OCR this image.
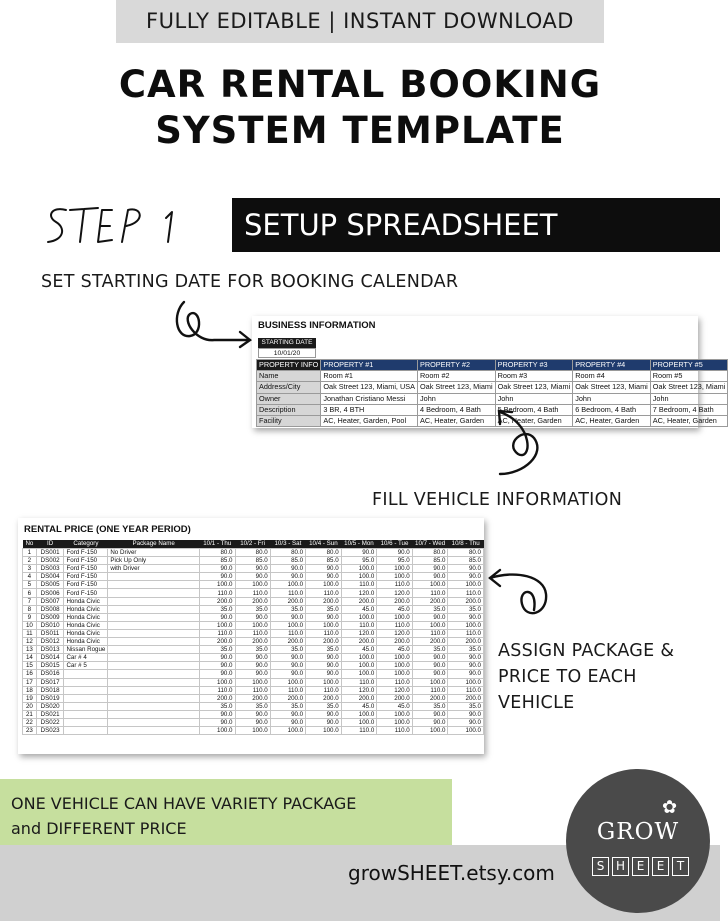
FULLY EDITABLE | INSTANT DOWNLOAD
CAR RENTAL BOOKING
SYSTEM TEMPLATE
SETUP SPREADSHEET
SET STARTING DATE FOR BOOKING CALENDAR
BUSINESS INFORMATION
STARTING DATE
10/01/20
PROPERTY INFO	PROPERTY #1	PROPERTY #2	PROPERTY #3	PROPERTY #4	PROPERTY #5
Name	Room #1	Room #2	Room #3	Room #4	Room #5
Address/City	Oak Street 123, Miami, USA	Oak Street 123, Miami	Oak Street 123, Miami	Oak Street 123, Miami	Oak Street 123, Miami
Owner	Jonathan Cristiano Messi	John	John	John	John
Description	3 BR, 4 BTH	4 Bedroom, 4 Bath	5 Bedroom, 4 Bath	6 Bedroom, 4 Bath	7 Bedroom, 4 Bath
Facility	AC, Heater, Garden, Pool	AC, Heater, Garden	AC, Heater, Garden	AC, Heater, Garden	AC, Heater, Garden
FILL VEHICLE INFORMATION
RENTAL PRICE (ONE YEAR PERIOD)
No	ID	Category	Package Name	10/1 - Thu	10/2 - Fri	10/3 - Sat	10/4 - Sun	10/5 - Mon	10/6 - Tue	10/7 - Wed	10/8 - Thu
1	DS001	Ford F-150	No Driver	80.0	80.0	80.0	80.0	90.0	90.0	80.0	80.0
2	DS002	Ford F-150	Pick Up Only	85.0	85.0	85.0	85.0	95.0	95.0	85.0	85.0
3	DS003	Ford F-150	with Driver	90.0	90.0	90.0	90.0	100.0	100.0	90.0	90.0
4	DS004	Ford F-150		90.0	90.0	90.0	90.0	100.0	100.0	90.0	90.0
5	DS005	Ford F-150		100.0	100.0	100.0	100.0	110.0	110.0	100.0	100.0
6	DS006	Ford F-150		110.0	110.0	110.0	110.0	120.0	120.0	110.0	110.0
7	DS007	Honda Civic		200.0	200.0	200.0	200.0	200.0	200.0	200.0	200.0
8	DS008	Honda Civic		35.0	35.0	35.0	35.0	45.0	45.0	35.0	35.0
9	DS009	Honda Civic		90.0	90.0	90.0	90.0	100.0	100.0	90.0	90.0
10	DS010	Honda Civic		100.0	100.0	100.0	100.0	110.0	110.0	100.0	100.0
11	DS011	Honda Civic		110.0	110.0	110.0	110.0	120.0	120.0	110.0	110.0
12	DS012	Honda Civic		200.0	200.0	200.0	200.0	200.0	200.0	200.0	200.0
13	DS013	Nissan Rogue		35.0	35.0	35.0	35.0	45.0	45.0	35.0	35.0
14	DS014	Car # 4		90.0	90.0	90.0	90.0	100.0	100.0	90.0	90.0
15	DS015	Car # 5		90.0	90.0	90.0	90.0	100.0	100.0	90.0	90.0
16	DS016			90.0	90.0	90.0	90.0	100.0	100.0	90.0	90.0
17	DS017			100.0	100.0	100.0	100.0	110.0	110.0	100.0	100.0
18	DS018			110.0	110.0	110.0	110.0	120.0	120.0	110.0	110.0
19	DS019			200.0	200.0	200.0	200.0	200.0	200.0	200.0	200.0
20	DS020			35.0	35.0	35.0	35.0	45.0	45.0	35.0	35.0
21	DS021			90.0	90.0	90.0	90.0	100.0	100.0	90.0	90.0
22	DS022			90.0	90.0	90.0	90.0	100.0	100.0	90.0	90.0
23	DS023			100.0	100.0	100.0	100.0	110.0	110.0	100.0	100.0
ASSIGN PACKAGE &
PRICE TO EACH
VEHICLE
ONE VEHICLE CAN HAVE VARIETY PACKAGE
and DIFFERENT PRICE
growSHEET.etsy.com
✿
GROW
S H E	E	T
